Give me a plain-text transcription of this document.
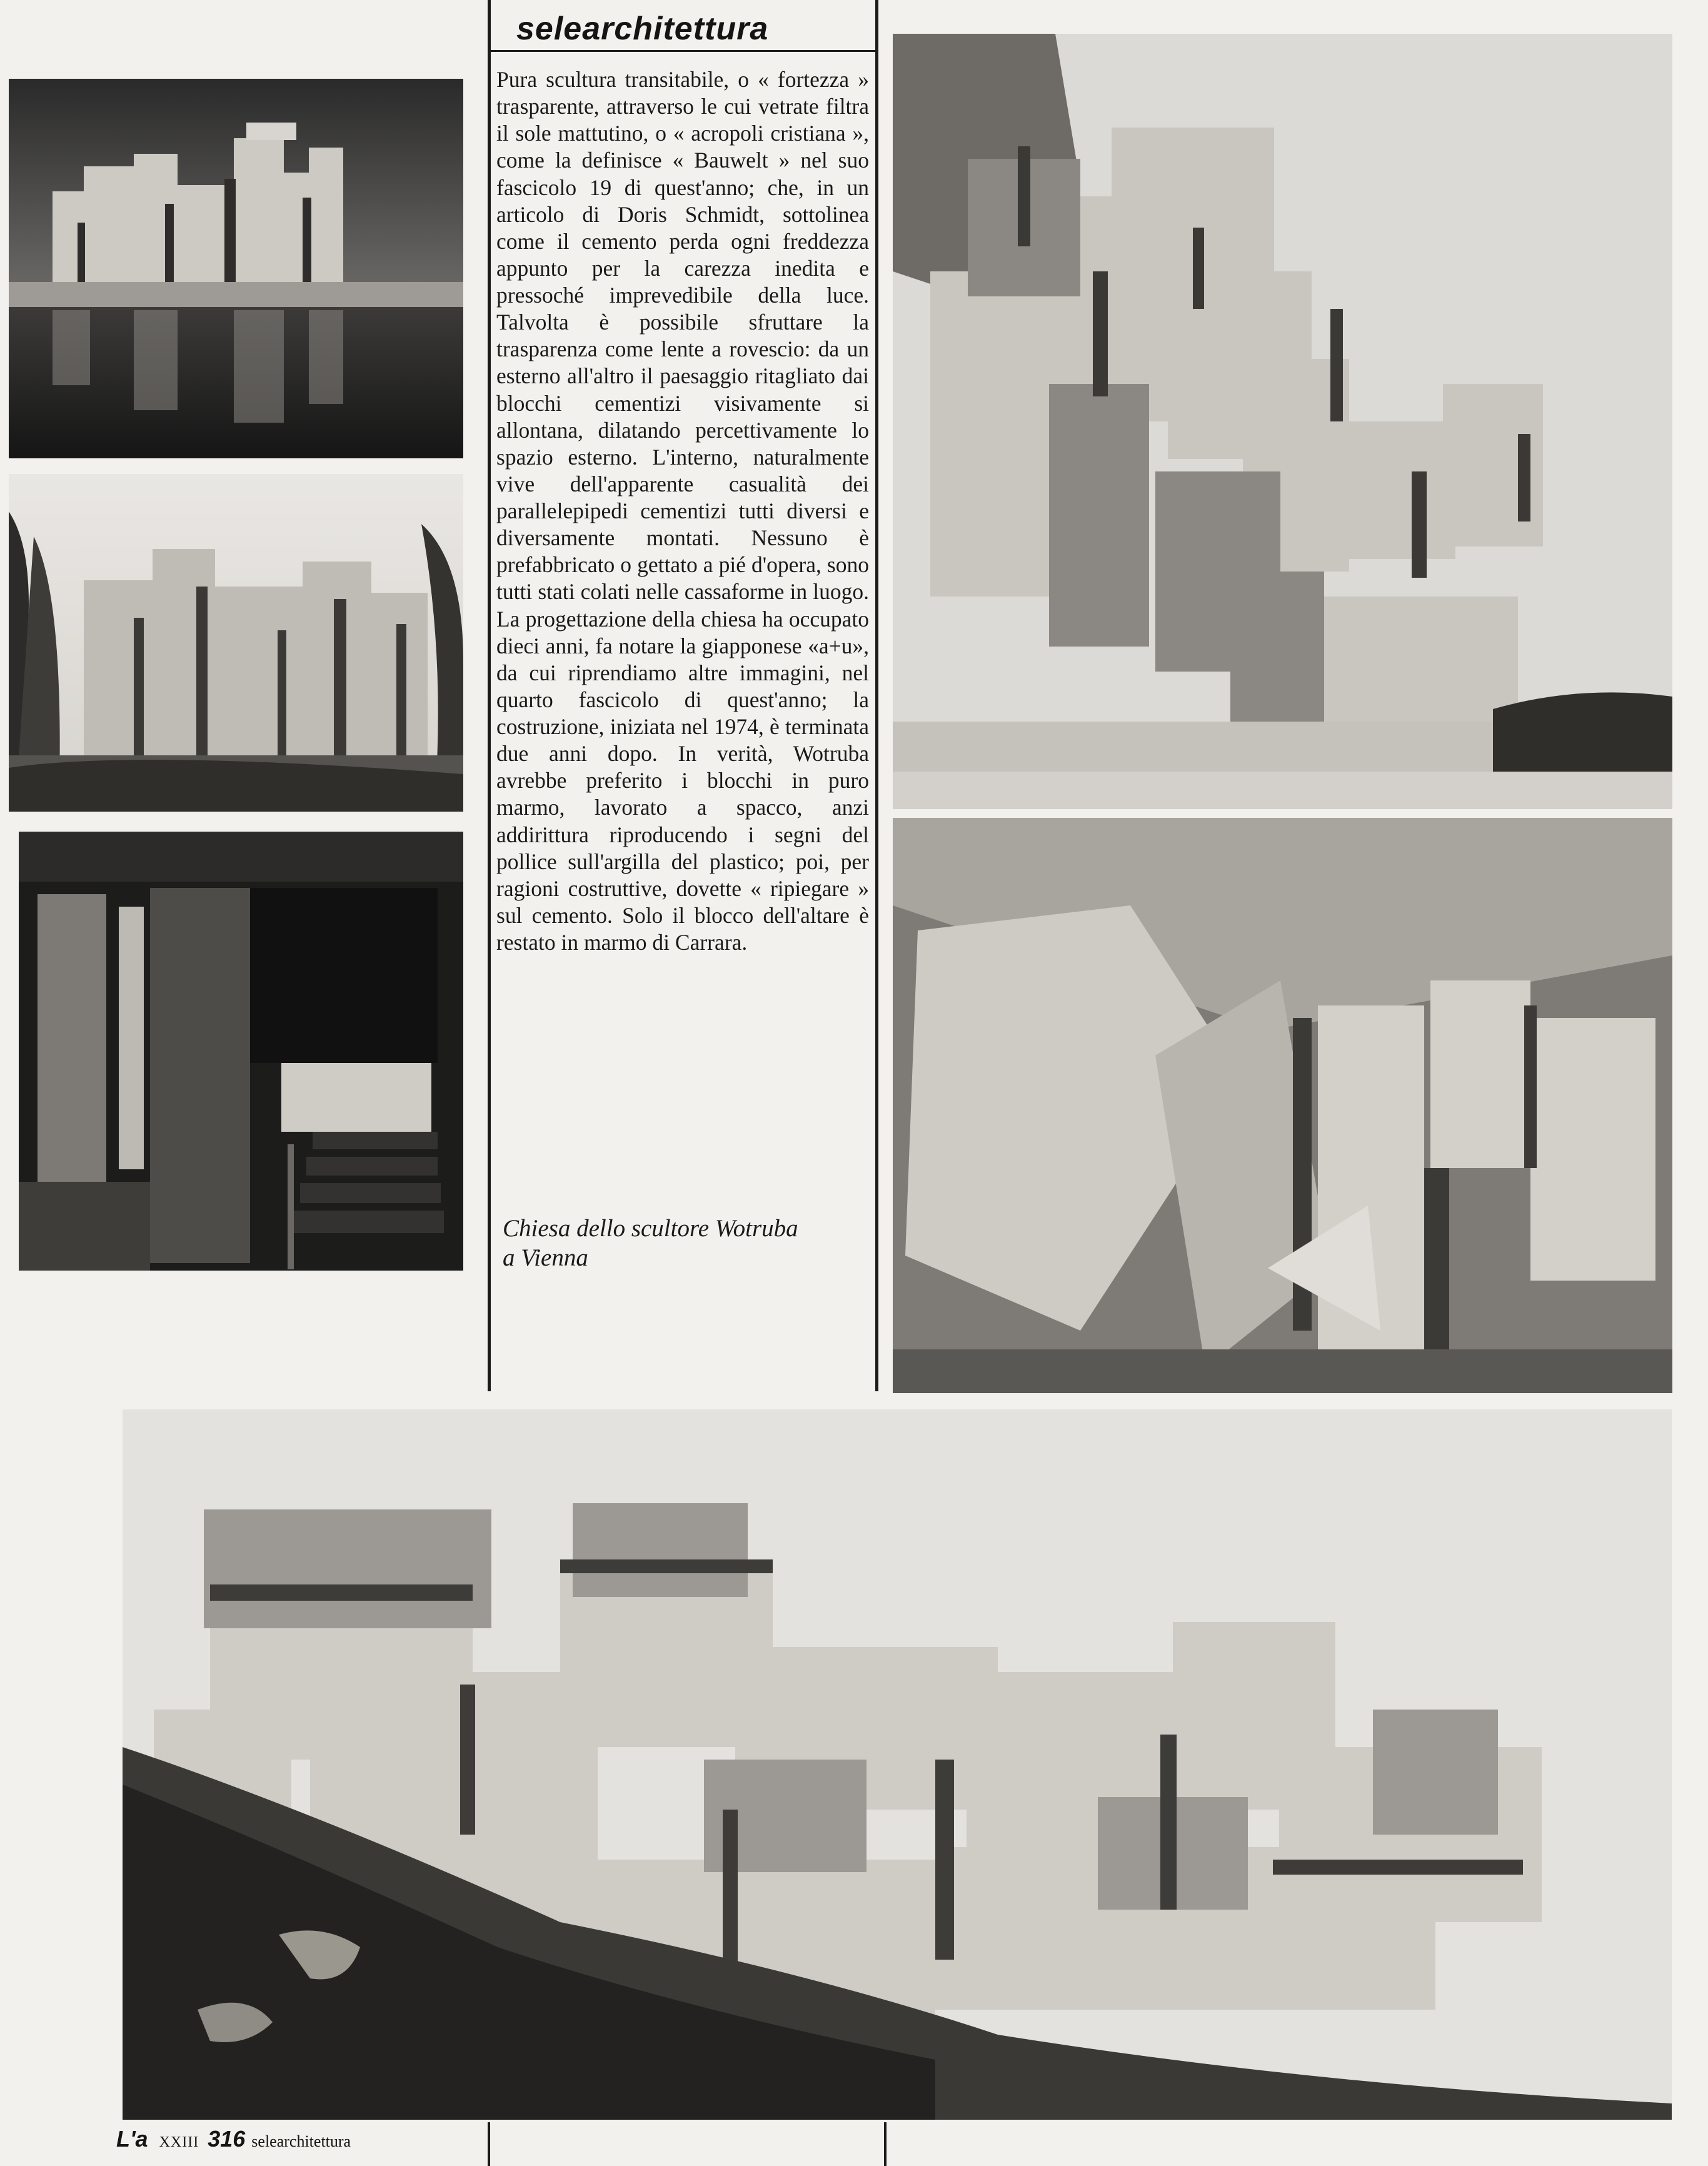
selearchitettura
Pura scultura transitabile, o « fortezza » trasparente, attraverso le cui vetrate filtra il sole mattutino, o « acropoli cristiana », come la definisce « Bauwelt » nel suo fascicolo 19 di quest'anno; che, in un articolo di Doris Schmidt, sottolinea come il cemento perda ogni freddezza appunto per la carezza inedita e pressoché imprevedibile della luce. Talvolta è possibile sfruttare la trasparenza come lente a rovescio: da un esterno all'altro il paesaggio ritagliato dai blocchi cementizi visivamente si allontana, dilatando percettivamente lo spazio esterno. L'interno, naturalmente vive dell'apparente casualità dei parallelepipedi cementizi tutti diversi e diversamente montati. Nessuno è prefabbricato o gettato a pié d'opera, sono tutti stati colati nelle cassaforme in luogo. La progettazione della chiesa ha occupato dieci anni, fa notare la giapponese «a+u», da cui riprendiamo altre immagini, nel quarto fascicolo di quest'anno; la costruzione, iniziata nel 1974, è terminata due anni dopo. In verità, Wotruba avrebbe preferito i blocchi in puro marmo, lavorato a spacco, anzi addirittura riproducendo i segni del pollice sull'argilla del plastico; poi, per ragioni costruttive, dovette « ripiegare » sul cemento. Solo il blocco dell'altare è restato in marmo di Carrara.
Chiesa dello scultore Wotruba
a Vienna
L'a XXIII 316 selearchitettura
